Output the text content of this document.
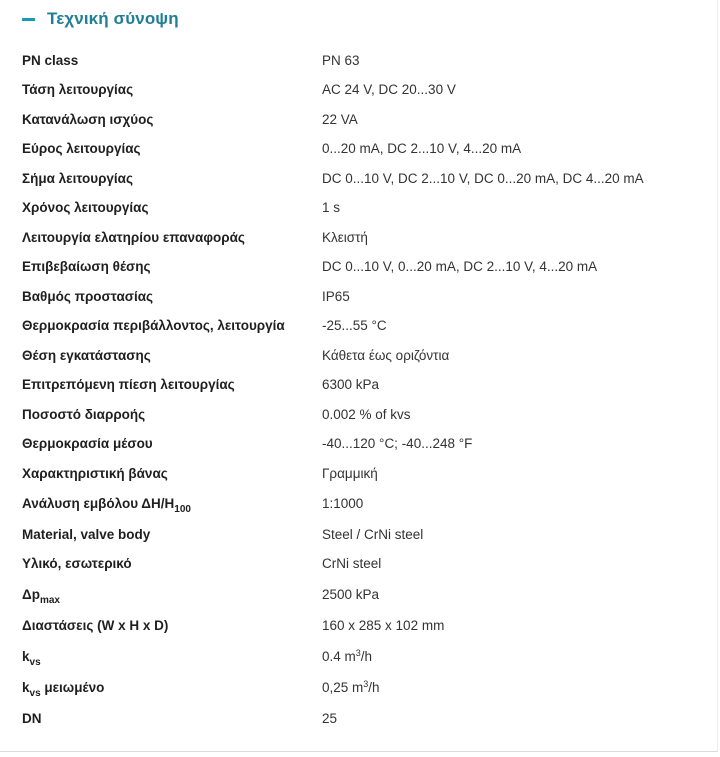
Τεχνική σύνοψη
PN class	PN 63
Τάση λειτουργίας	AC 24 V, DC 20...30 V
Κατανάλωση ισχύος	22 VA
Εύρος λειτουργίας	0...20 mA, DC 2...10 V, 4...20 mA
Σήμα λειτουργίας	DC 0...10 V, DC 2...10 V, DC 0...20 mA, DC 4...20 mA
Χρόνος λειτουργίας	1 s
Λειτουργία ελατηρίου επαναφοράς	Κλειστή
Επιβεβαίωση θέσης	DC 0...10 V, 0...20 mA, DC 2...10 V, 4...20 mA
Βαθμός προστασίας	IP65
Θερμοκρασία περιβάλλοντος, λειτουργία	-25...55 °C
Θέση εγκατάστασης	Κάθετα έως οριζόντια
Επιτρεπόμενη πίεση λειτουργίας	6300 kPa
Ποσοστό διαρροής	0.002 % of kvs
Θερμοκρασία μέσου	-40...120 °C; -40...248 °F
Χαρακτηριστική βάνας	Γραμμική
Ανάλυση εμβόλου $\Delta H/H_{100}$	1:1000
Material, valve body	Steel / CrNi steel
Υλικό, εσωτερικό	CrNi steel
$\Delta p_{max}$	2500 kPa
Διαστάσεις (W x H x D)	160 x 285 x 102 mm
$k_{vs}$	0.4 $m^3/h$
$k_{vs}$ μειωμένο	0,25 $m^3/h$
DN	25
